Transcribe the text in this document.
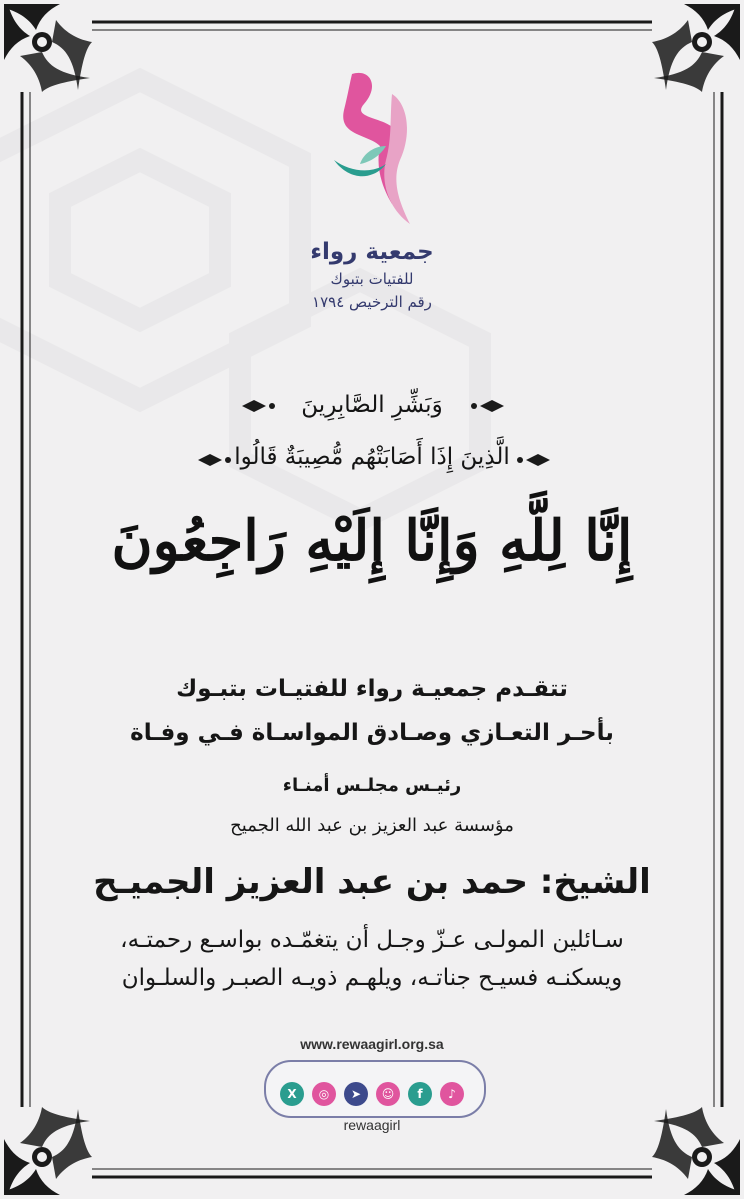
جمعية رواء
للفتيات بتبوك
رقم الترخيص ١٧٩٤
وَبَشِّرِ الصَّابِرِينَ
الَّذِينَ إِذَا أَصَابَتْهُم مُّصِيبَةٌ قَالُوا
إِنَّا لِلَّهِ وَإِنَّا إِلَيْهِ رَاجِعُونَ
تتقـدم جمعيـة رواء للفتيـات بتبـوك
بأحـر التعـازي وصـادق المواسـاة فـي وفـاة
رئيـس مجلـس أمنـاء
مؤسسة عبد العزيز بن عبد الله الجميح
الشيخ: حمد بن عبد العزيز الجميـح
سـائلين المولـى عـزّ وجـل أن يتغمّـده بواسـع رحمتـه،
ويسكنـه فسيـح جناتـه، ويلهـم ذويـه الصبـر والسلـوان
www.rewaagirl.org.sa
X	◎	➤	☺	f	♪
rewaagirl
